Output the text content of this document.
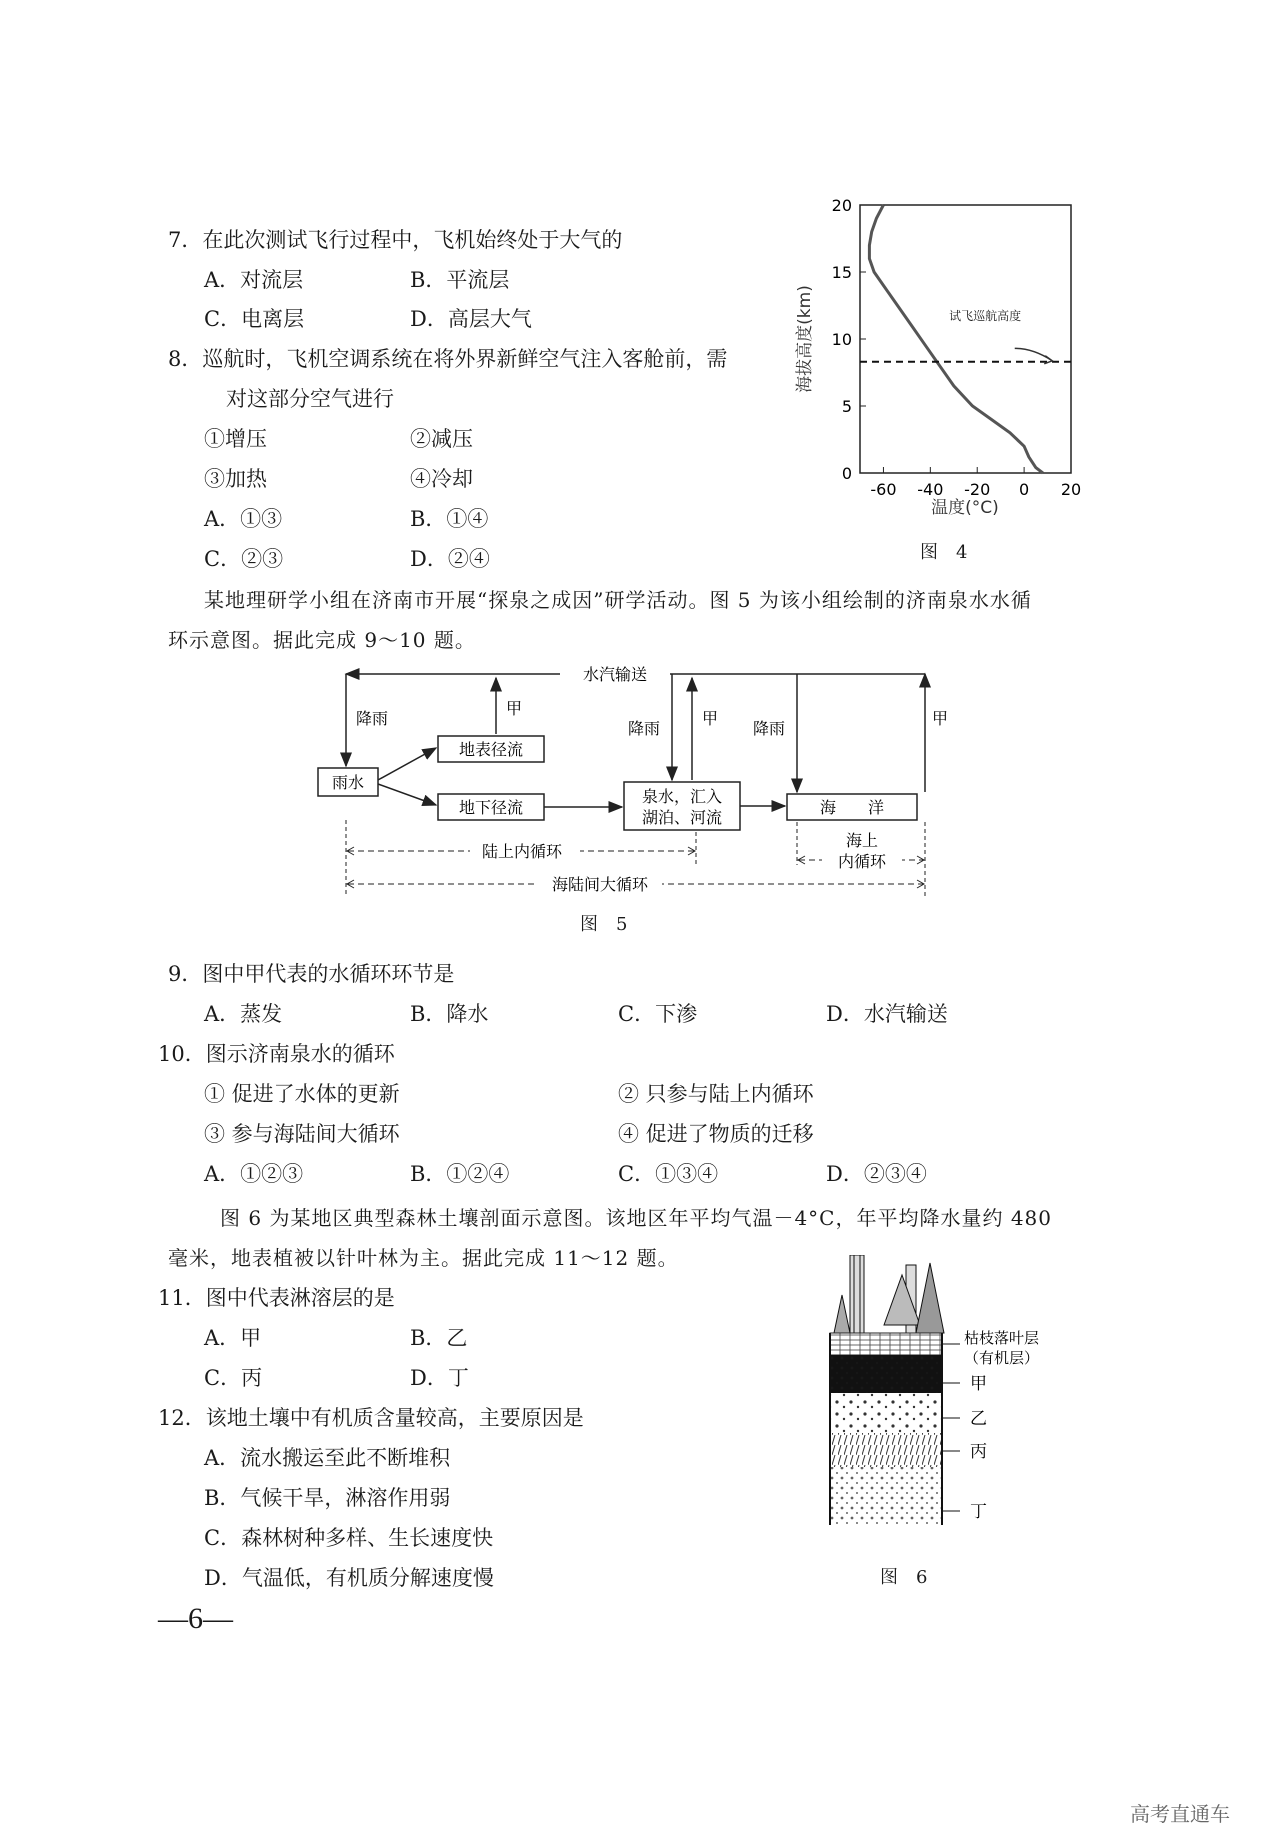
7．在此次测试飞行过程中，飞机始终处于大气的
A．对流层	B．平流层
C．电离层	D．高层大气
8．巡航时，飞机空调系统在将外界新鲜空气注入客舱前，需
对这部分空气进行
①增压	②减压
③加热	④冷却
A．①③	B．①④
C．②③	D．②④
0
5
10
15
20
-60 -40 -20 0 20
试飞巡航高度
海拔高度(km)
温度(°C)
图　4
某地理研学小组在济南市开展“探泉之成因”研学活动。图 5 为该小组绘制的济南泉水水循
环示意图。据此完成 9～10 题。
水汽输送
降雨
甲
雨水
地表径流
地下径流
泉水，汇入
湖泊、河流
降雨
甲
降雨
海　　洋
甲
陆上内循环
海上
内循环
海陆间大循环
图　5
9．图中甲代表的水循环环节是
A．蒸发	B．降水	C．下渗	D．水汽输送
10．图示济南泉水的循环
① 促进了水体的更新	② 只参与陆上内循环
③ 参与海陆间大循环	④ 促进了物质的迁移
A．①②③	B．①②④	C．①③④	D．②③④
图 6 为某地区典型森林土壤剖面示意图。该地区年平均气温－4°C，年平均降水量约 480
毫米，地表植被以针叶林为主。据此完成 11～12 题。
11．图中代表淋溶层的是
A．甲	B．乙
C．丙	D．丁
12．该地土壤中有机质含量较高，主要原因是
A．流水搬运至此不断堆积
B．气候干旱，淋溶作用弱
C．森林树种多样、生长速度快
D．气温低，有机质分解速度慢
枯枝落叶层
（有机层）
甲
乙
丙
丁
图　6
—6—
高考直通车
